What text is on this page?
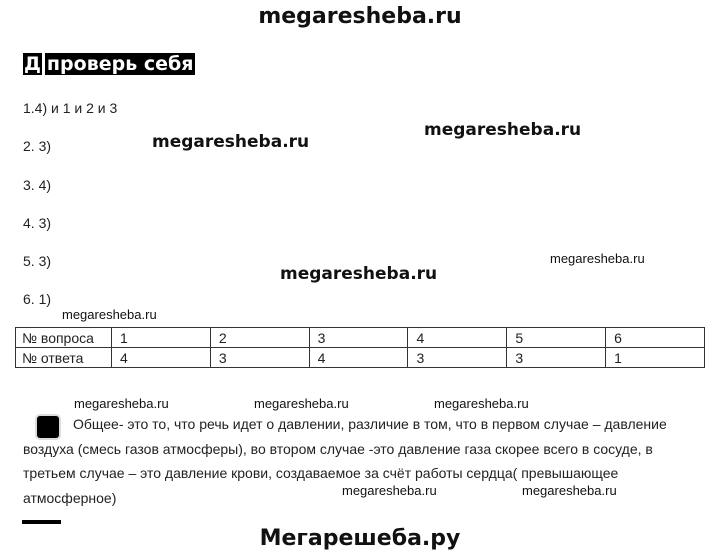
megaresheba.ru
Д проверь себя
1.4) и 1 и 2 и 3
2. 3)
3. 4)
4. 3)
5. 3)
6. 1)
megaresheba.ru
megaresheba.ru
megaresheba.ru
megaresheba.ru
megaresheba.ru
№ вопроса	1	2	3	4	5	6
№ ответа	4	3	4	3	3	1
megaresheba.ru	megaresheba.ru	megaresheba.ru
Общее- это то, что речь идет о давлении, различие в том, что в первом случае – давление воздуха (смесь газов атмосферы), во втором случае -это давление газа скорее всего в сосуде, в третьем случае – это давление крови, создаваемое за счёт работы сердца( превышающее атмосферное)	megaresheba.ru	megaresheba.ru
Мегарешеба.ру
